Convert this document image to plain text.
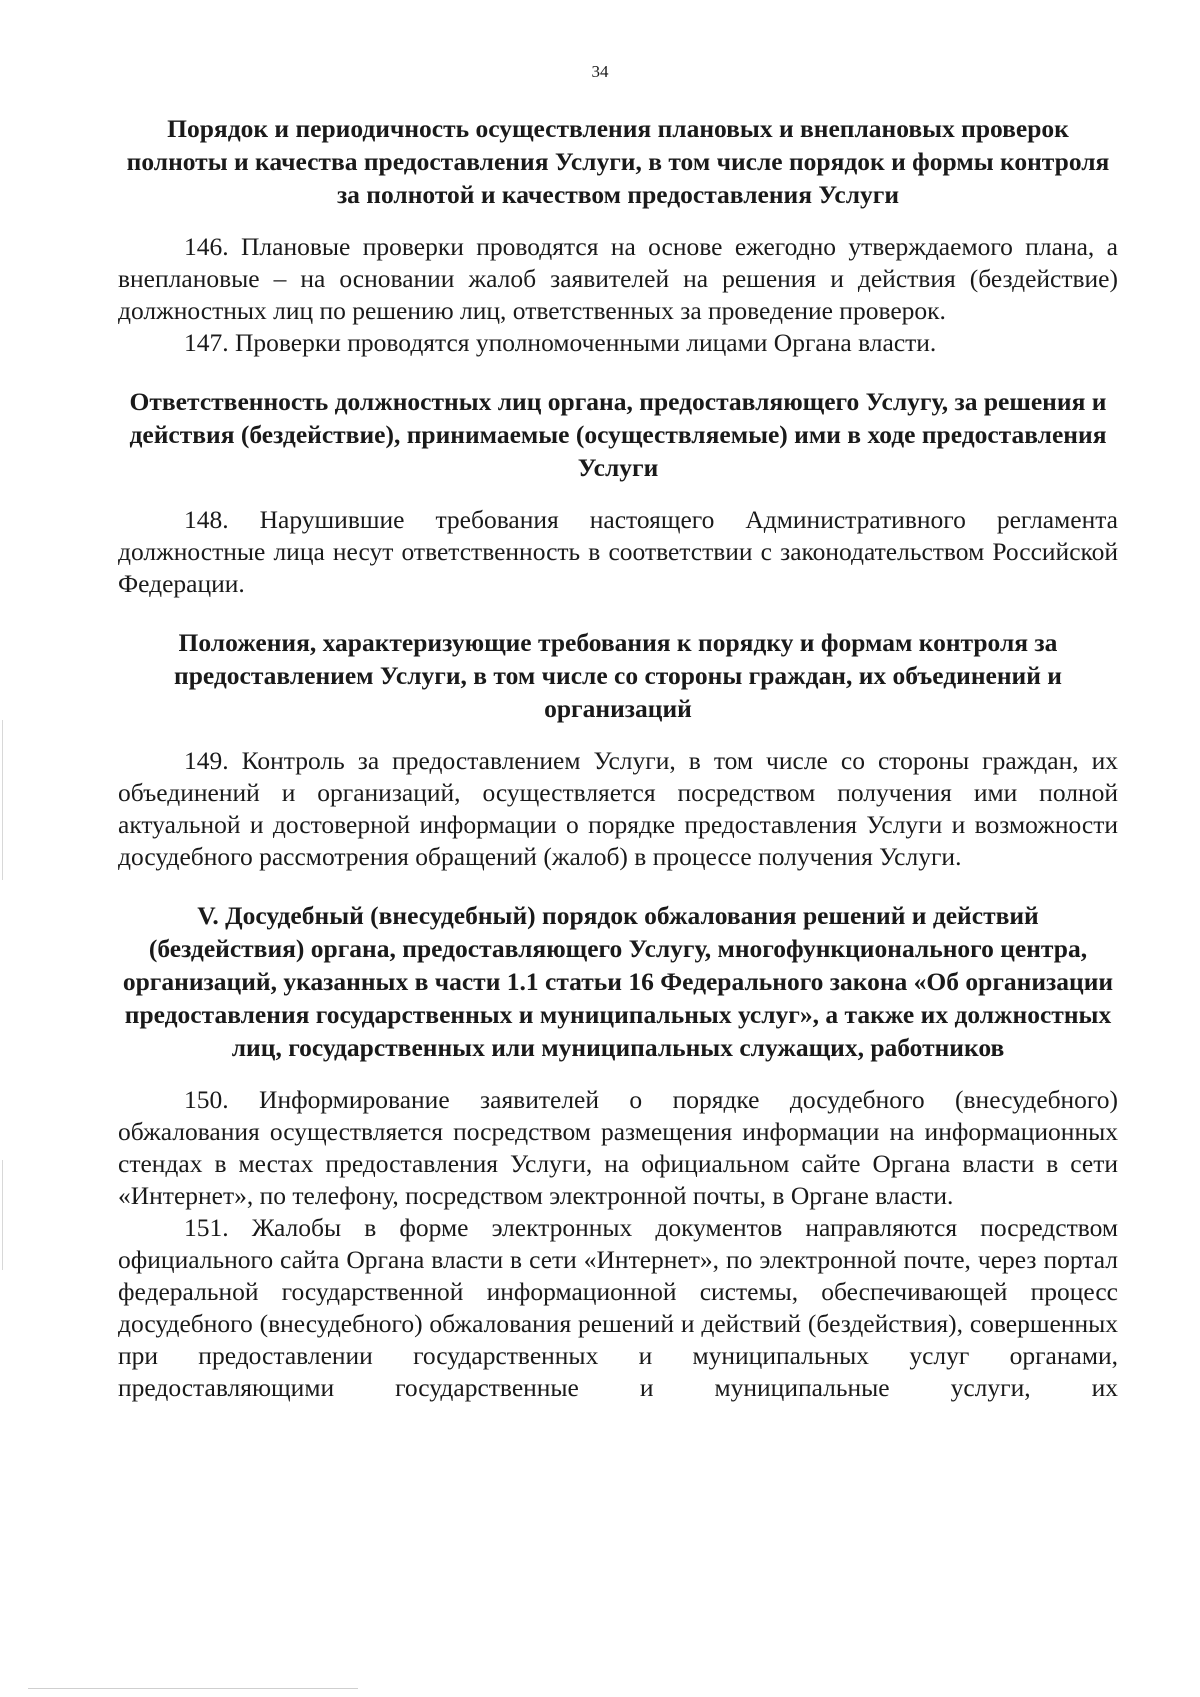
34
Порядок и периодичность осуществления плановых и внеплановых проверок полноты и качества предоставления Услуги, в том числе порядок и формы контроля за полнотой и качеством предоставления Услуги

146. Плановые проверки проводятся на основе ежегодно утверждаемого плана, а внеплановые – на основании жалоб заявителей на решения и действия (бездействие) должностных лиц по решению лиц, ответственных за проведение проверок.

147. Проверки проводятся уполномоченными лицами Органа власти.

Ответственность должностных лиц органа, предоставляющего Услугу, за решения и действия (бездействие), принимаемые (осуществляемые) ими в ходе предоставления Услуги

148. Нарушившие требования настоящего Административного регламента должностные лица несут ответственность в соответствии с законодательством Российской Федерации.

Положения, характеризующие требования к порядку и формам контроля за предоставлением Услуги, в том числе со стороны граждан, их объединений и организаций

149. Контроль за предоставлением Услуги, в том числе со стороны граждан, их объединений и организаций, осуществляется посредством получения ими полной актуальной и достоверной информации о порядке предоставления Услуги и возможности досудебного рассмотрения обращений (жалоб) в процессе получения Услуги.

V. Досудебный (внесудебный) порядок обжалования решений и действий (бездействия) органа, предоставляющего Услугу, многофункционального центра, организаций, указанных в части 1.1 статьи 16 Федерального закона «Об организации предоставления государственных и муниципальных услуг», а также их должностных лиц, государственных или муниципальных служащих, работников

150. Информирование заявителей о порядке досудебного (внесудебного) обжалования осуществляется посредством размещения информации на информационных стендах в местах предоставления Услуги, на официальном сайте Органа власти в сети «Интернет», по телефону, посредством электронной почты, в Органе власти.

151. Жалобы в форме электронных документов направляются посредством официального сайта Органа власти в сети «Интернет», по электронной почте, через портал федеральной государственной информационной системы, обеспечивающей процесс досудебного (внесудебного) обжалования решений и действий (бездействия), совершенных при предоставлении государственных и муниципальных услуг органами, предоставляющими государственные и муниципальные услуги, их
